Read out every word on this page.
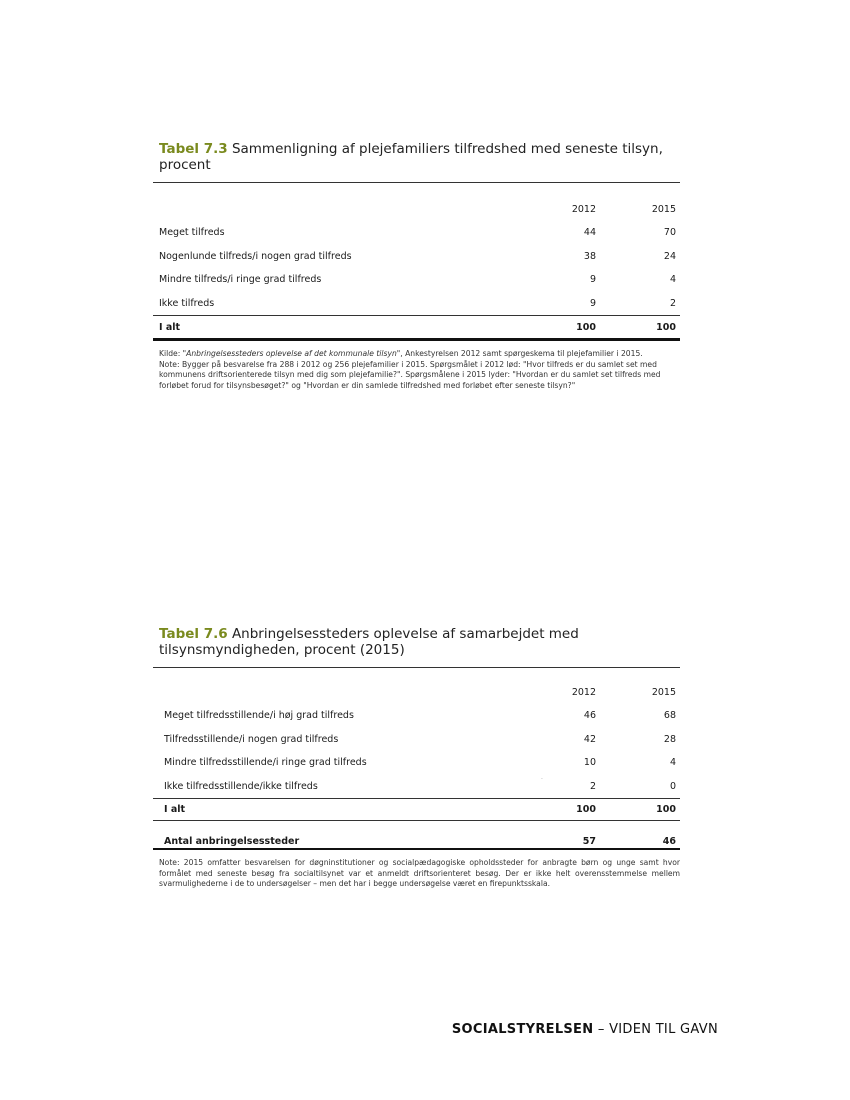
Tabel 7.3 Sammenligning af plejefamiliers tilfredshed med seneste tilsyn, procent

	2012	2015
Meget tilfreds	44	70
Nogenlunde tilfreds/i nogen grad tilfreds	38	24
Mindre tilfreds/i ringe grad tilfreds	9	4
Ikke tilfreds	9	2
I alt	100	100
Kilde: "Anbringelsessteders oplevelse af det kommunale tilsyn", Ankestyrelsen 2012 samt spørgeskema til plejefamilier i 2015.
Note: Bygger på besvarelse fra 288 i 2012 og 256 plejefamilier i 2015. Spørgsmålet i 2012 lød: "Hvor tilfreds er du samlet set med kommunens driftsorienterede tilsyn med dig som plejefamilie?". Spørgsmålene i 2015 lyder: "Hvordan er du samlet set tilfreds med forløbet forud for tilsynsbesøget?" og "Hvordan er din samlede tilfredshed med forløbet efter seneste tilsyn?"

Tabel 7.6 Anbringelsessteders oplevelse af samarbejdet med tilsynsmyndigheden, procent (2015)

	2012	2015
Meget tilfredsstillende/i høj grad tilfreds	46	68
Tilfredsstillende/i nogen grad tilfreds	42	28
Mindre tilfredsstillende/i ringe grad tilfreds	10	4
Ikke tilfredsstillende/ikke tilfreds	2	0
I alt	100	100
Antal anbringelsessteder	57	46
Note: 2015 omfatter besvarelsen for døgninstitutioner og socialpædagogiske opholdssteder for anbragte børn og unge samt hvor formålet med seneste besøg fra socialtilsynet var et anmeldt driftsorienteret besøg. Der er ikke helt overensstemmelse mellem svarmulighederne i de to undersøgelser – men det har i begge undersøgelse været en firepunktsskala.
·
SOCIALSTYRELSEN – VIDEN TIL GAVN
